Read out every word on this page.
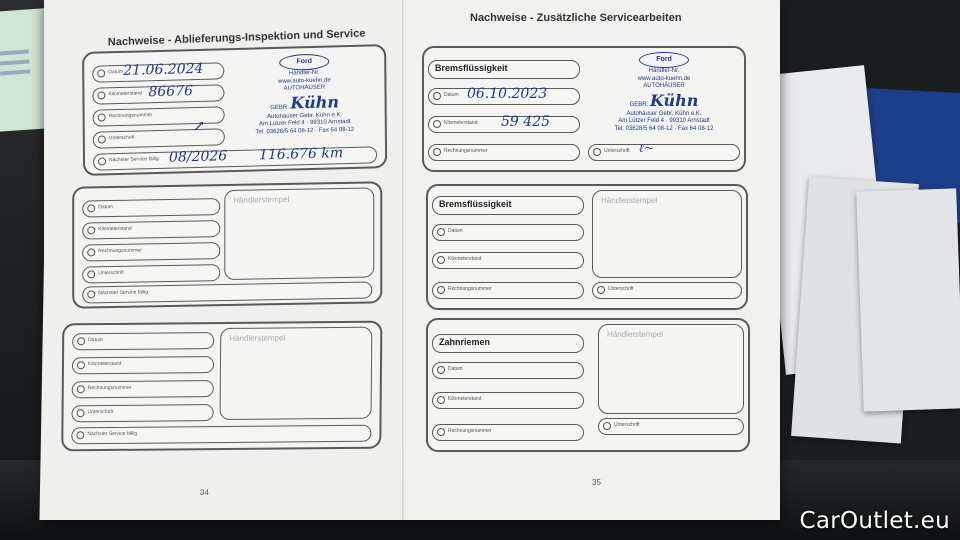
Nachweise - Ablieferungs-Inspektion und Service
Datum 21.06.2024
Kilometerstand 86676
Rechnungsnummer
Unterschrift
Nächster Service fällig 08/2026 116.676 km
Ford
Händler-Nr.
www.auto-kuehn.de
AUTOHÄUSER
GEBR. Kühn
Autohäuser Gebr. Kühn e.K.
Am Lützer Feld 4 · 99310 Arnstadt
Tel. 03628/5 64 08-12 · Fax 64 08-12
↗
Datum
Kilometerstand
Rechnungsnummer
Unterschrift
Nächster Service fällig
Händlerstempel
Datum
Kilometerstand
Rechnungsnummer
Unterschrift
Nächster Service fällig
Händlerstempel
34
Nachweise - Zusätzliche Servicearbeiten
Bremsflüssigkeit
Datum 06.10.2023
Kilometerstand 59 425
Rechnungsnummer	Unterschrift ℓ~
Ford
Händler-Nr.
www.auto-kuehn.de
AUTOHÄUSER
GEBR. Kühn
Autohäuser Gebr. Kühn e.K.
Am Lützer Feld 4 · 99310 Arnstadt
Tel. 03628/5 64 08-12 · Fax 64 08-12
Bremsflüssigkeit
Datum
Kilometerstand
Rechnungsnummer	Unterschrift
Händlerstempel
Zahnriemen
Datum
Kilometerstand
Rechnungsnummer
Unterschrift
Händlerstempel
35
CarOutlet.eu
